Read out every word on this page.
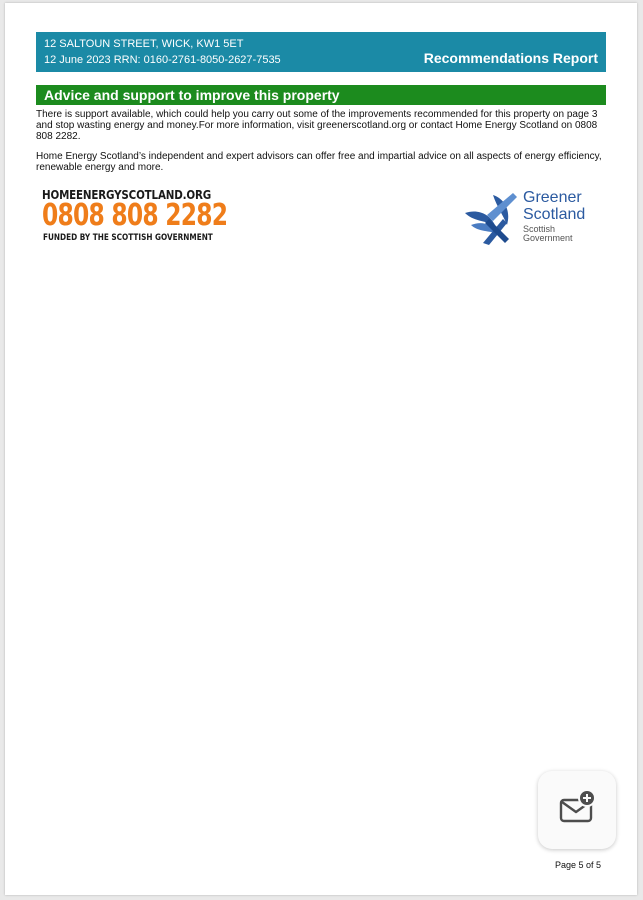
12 SALTOUN STREET, WICK, KW1 5ET
12 June 2023 RRN: 0160-2761-8050-2627-7535	Recommendations Report
Advice and support to improve this property
There is support available, which could help you carry out some of the improvements recommended for this property on page 3 and stop wasting energy and money.For more information, visit greenerscotland.org or contact Home Energy Scotland on 0808 808 2282.
Home Energy Scotland’s independent and expert advisors can offer free and impartial advice on all aspects of energy efficiency, renewable energy and more.
HOMEENERGYSCOTLAND.ORG
0808 808 2282
FUNDED BY THE SCOTTISH GOVERNMENT
Greener
Scotland
Scottish
Government
Page 5 of 5
